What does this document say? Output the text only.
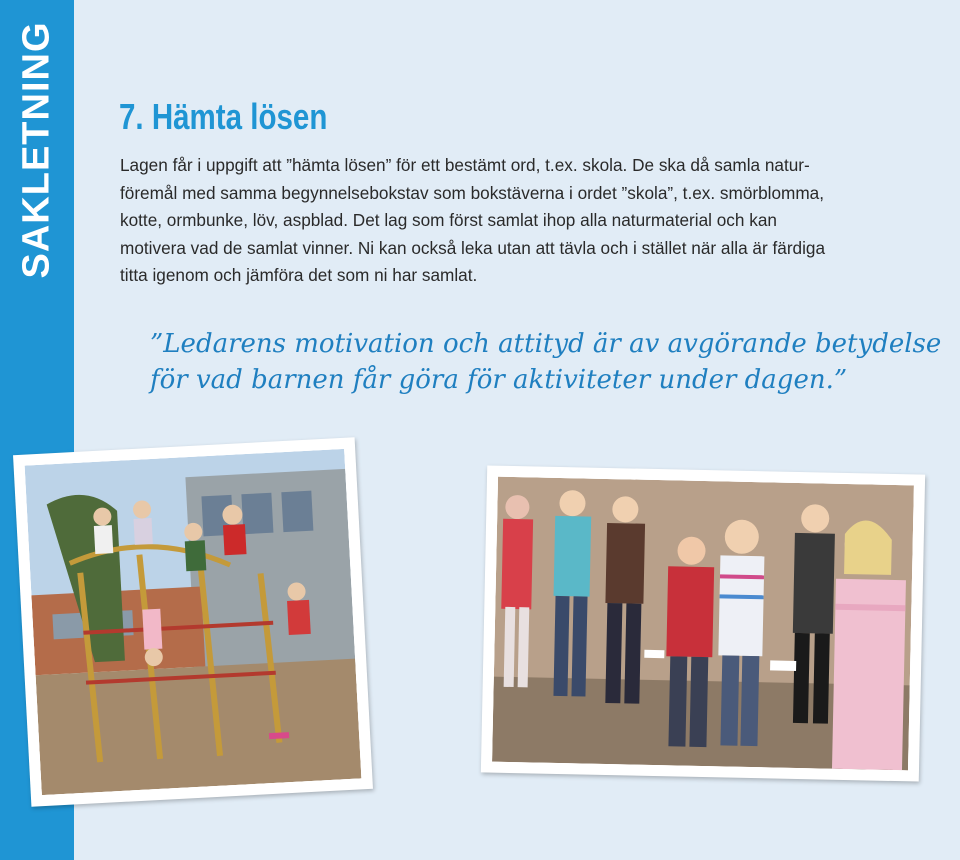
SAKLETNING 7. Hämta lösen

Lagen får i uppgift att ”hämta lösen” för ett bestämt ord, t.ex. skola. De ska då samla natur-
föremål med samma begynnelsebokstav som bokstäverna i ordet ”skola”, t.ex. smörblomma,
kotte, ormbunke, löv, aspblad. Det lag som först samlat ihop alla naturmaterial och kan
motivera vad de samlat vinner. Ni kan också leka utan att tävla och i stället när alla är färdiga
titta igenom och jämföra det som ni har samlat.

”Ledarens motivation och attityd är av avgörande betydelse
för vad barnen får göra för aktiviteter under dagen.”
